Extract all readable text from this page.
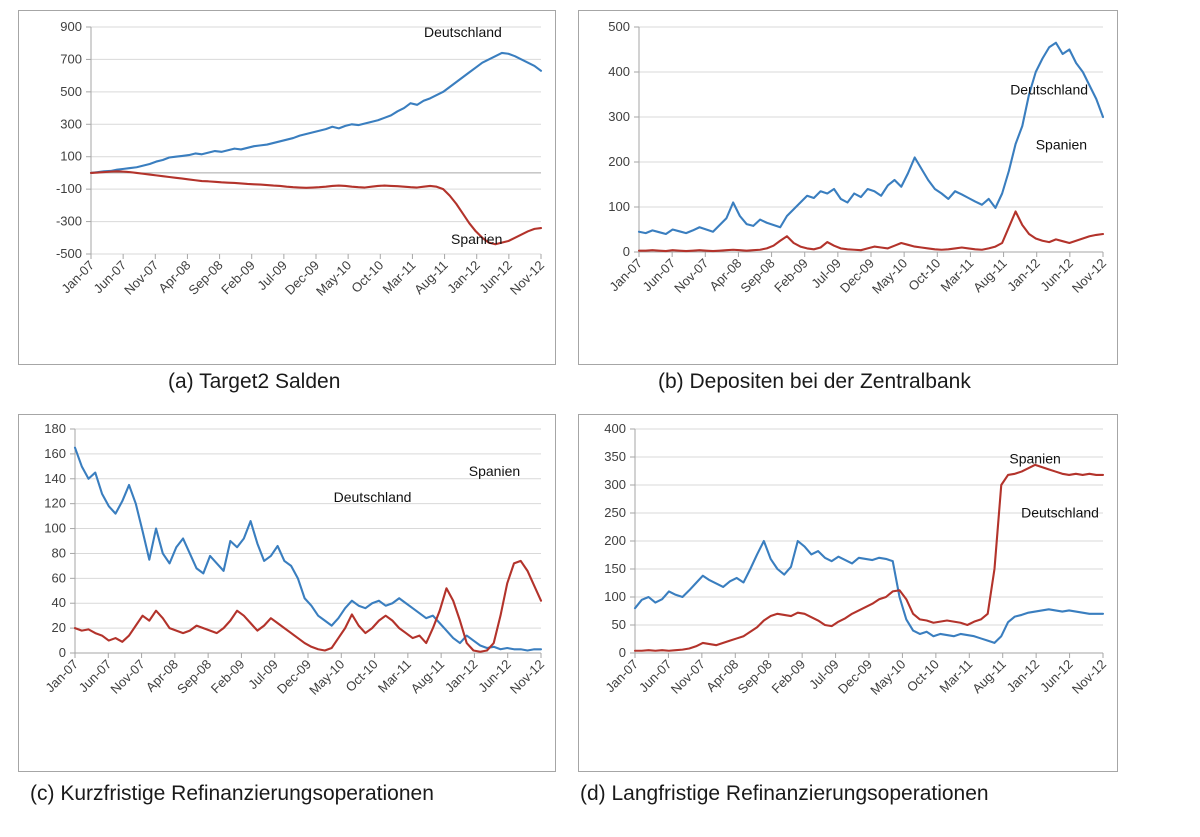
-500
-300
-100
100
300
500
700
900
Jan-07
Jun-07
Nov-07
Apr-08
Sep-08
Feb-09
Jul-09
Dec-09
May-10
Oct-10
Mar-11
Aug-11
Jan-12
Jun-12
Nov-12
Deutschland
Spanien
(a) Target2 Salden
0
100
200
300
400
500
Jan-07
Jun-07
Nov-07
Apr-08
Sep-08
Feb-09
Jul-09
Dec-09
May-10
Oct-10
Mar-11
Aug-11
Jan-12
Jun-12
Nov-12
Deutschland
Spanien
(b) Depositen bei der Zentralbank
0
20
40
60
80
100
120
140
160
180
Jan-07
Jun-07
Nov-07
Apr-08
Sep-08
Feb-09
Jul-09
Dec-09
May-10
Oct-10
Mar-11
Aug-11
Jan-12
Jun-12
Nov-12
Deutschland
Spanien
(c) Kurzfristige Refinanzierungsoperationen
0
50
100
150
200
250
300
350
400
Jan-07
Jun-07
Nov-07
Apr-08
Sep-08
Feb-09
Jul-09
Dec-09
May-10
Oct-10
Mar-11
Aug-11
Jan-12
Jun-12
Nov-12
Spanien
Deutschland
(d) Langfristige Refinanzierungsoperationen
